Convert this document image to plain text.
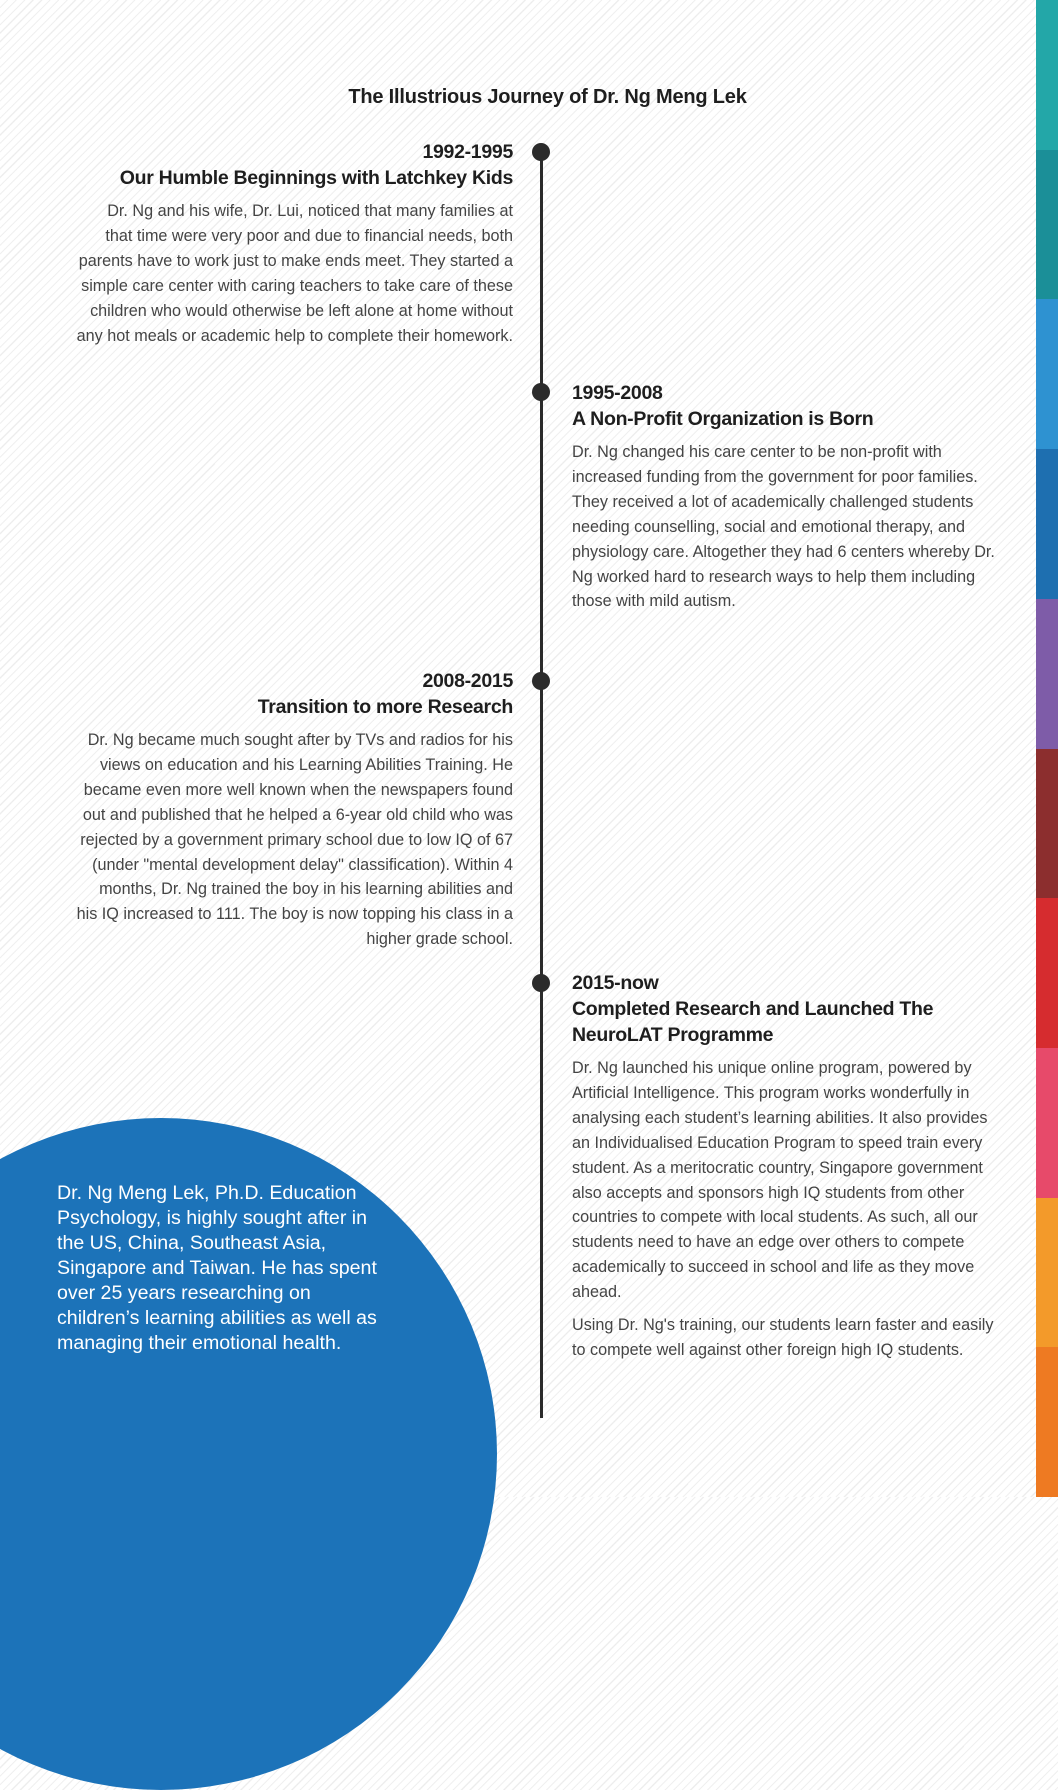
Dr. Ng Meng Lek, Ph.D. Education Psychology, is highly sought after in the US, China, Southeast Asia, Singapore and Taiwan. He has spent over 25 years researching on children’s learning abilities as well as managing their emotional health.
The Illustrious Journey of Dr. Ng Meng Lek
1992-1995
Our Humble Beginnings with Latchkey Kids

Dr. Ng and his wife, Dr. Lui, noticed that many families at that time were very poor and due to financial needs, both parents have to work just to make ends meet. They started a simple care center with caring teachers to take care of these children who would otherwise be left alone at home without any hot meals or academic help to complete their homework.

1995-2008
A Non-Profit Organization is Born

Dr. Ng changed his care center to be non-profit with increased funding from the government for poor families. They received a lot of academically challenged students needing counselling, social and emotional therapy, and physiology care. Altogether they had 6 centers whereby Dr. Ng worked hard to research ways to help them including those with mild autism.

2008-2015
Transition to more Research

Dr. Ng became much sought after by TVs and radios for his views on education and his Learning Abilities Training. He became even more well known when the newspapers found out and published that he helped a 6-year old child who was rejected by a government primary school due to low IQ of 67 (under "mental development delay" classification). Within 4 months, Dr. Ng trained the boy in his learning abilities and his IQ increased to 111. The boy is now topping his class in a higher grade school.

2015-now
Completed Research and Launched The NeuroLAT Programme

Dr. Ng launched his unique online program, powered by Artificial Intelligence. This program works wonderfully in analysing each student’s learning abilities. It also provides an Individualised Education Program to speed train every student. As a meritocratic country, Singapore government also accepts and sponsors high IQ students from other countries to compete with local students. As such, all our students need to have an edge over others to compete academically to succeed in school and life as they move ahead.

Using Dr. Ng's training, our students learn faster and easily to compete well against other foreign high IQ students.
